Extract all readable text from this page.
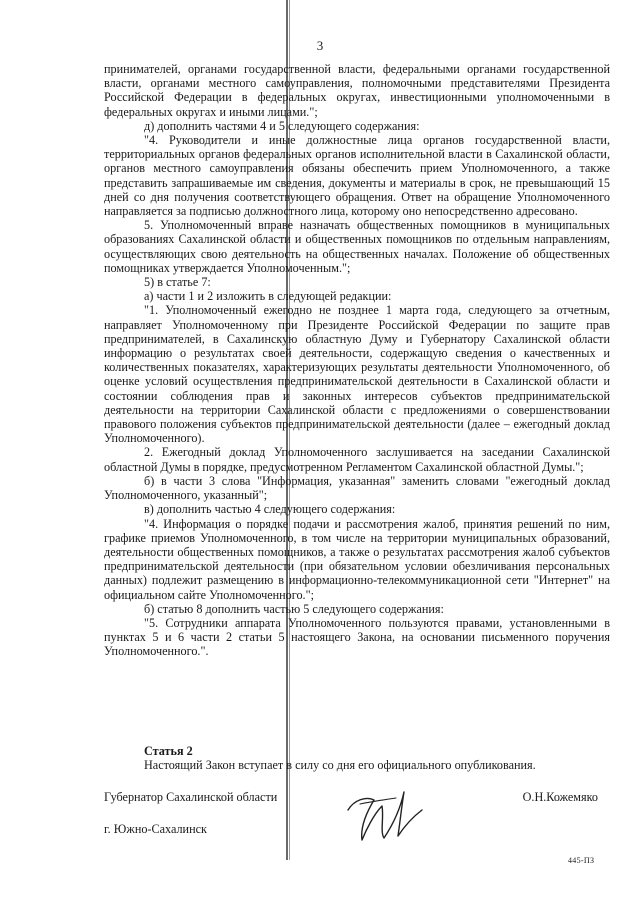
3

принимателей, органами государственной власти, федеральными органами государственной власти, органами местного самоуправления, полномочными представителями Президента Российской Федерации в федеральных округах, инвестиционными уполномоченными в федеральных округах и иными лицами.";

д) дополнить частями 4 и 5 следующего содержания:

"4. Руководители и иные должностные лица органов государственной власти, территориальных органов федеральных органов исполнительной власти в Сахалинской области, органов местного самоуправления обязаны обеспечить прием Уполномоченного, а также представить запрашиваемые им сведения, документы и материалы в срок, не превышающий 15 дней со дня получения соответствующего обращения. Ответ на обращение Уполномоченного направляется за подписью должностного лица, которому оно непосредственно адресовано.

5. Уполномоченный вправе назначать общественных помощников в муниципальных образованиях Сахалинской области и общественных помощников по отдельным направлениям, осуществляющих свою деятельность на общественных началах. Положение об общественных помощниках утверждается Уполномоченным.";

5) в статье 7:

а) части 1 и 2 изложить в следующей редакции:

"1. Уполномоченный ежегодно не позднее 1 марта года, следующего за отчетным, направляет Уполномоченному при Президенте Российской Федерации по защите прав предпринимателей, в Сахалинскую областную Думу и Губернатору Сахалинской области информацию о результатах своей деятельности, содержащую сведения о качественных и количественных показателях, характеризующих результаты деятельности Уполномоченного, об оценке условий осуществления предпринимательской деятельности в Сахалинской области и состоянии соблюдения прав и законных интересов субъектов предпринимательской деятельности на территории Сахалинской области с предложениями о совершенствовании правового положения субъектов предпринимательской деятельности (далее – ежегодный доклад Уполномоченного).

2. Ежегодный доклад Уполномоченного заслушивается на заседании Сахалинской областной Думы в порядке, предусмотренном Регламентом Сахалинской областной Думы.";

б) в части 3 слова "Информация, указанная" заменить словами "ежегодный доклад Уполномоченного, указанный";

в) дополнить частью 4 следующего содержания:

"4. Информация о порядке подачи и рассмотрения жалоб, принятия решений по ним, графике приемов Уполномоченного, в том числе на территории муниципальных образований, деятельности общественных помощников, а также о результатах рассмотрения жалоб субъектов предпринимательской деятельности (при обязательном условии обезличивания персональных данных) подлежит размещению в информационно-телекоммуникационной сети "Интернет" на официальном сайте Уполномоченного.";

б) статью 8 дополнить частью 5 следующего содержания:

"5. Сотрудники аппарата Уполномоченного пользуются правами, установленными в пунктах 5 и 6 части 2 статьи 5 настоящего Закона, на основании письменного поручения Уполномоченного.".

Статья 2
Настоящий Закон вступает в силу со дня его официального опубликования.
Губернатор Сахалинской области	О.Н.Кожемяко
г. Южно-Сахалинск
445-ПЗ
